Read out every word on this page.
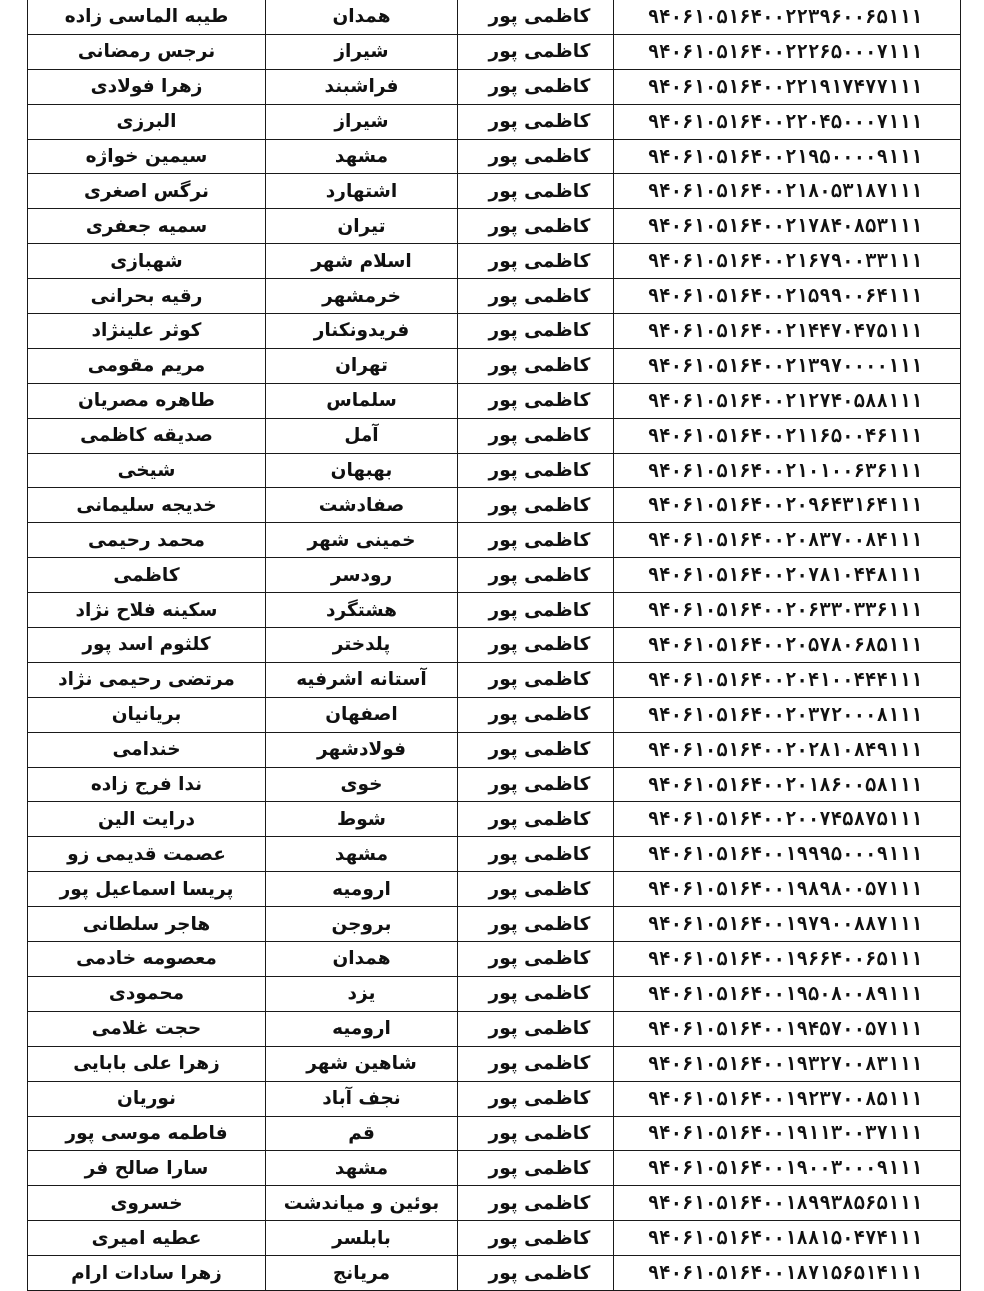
طیبه الماسی زاده	همدان	کاظمی پور	۹۴۰۶۱۰۵۱۶۴۰۰۲۲۳۹۶۰۰۶۵۱۱۱
نرجس رمضانی	شیراز	کاظمی پور	۹۴۰۶۱۰۵۱۶۴۰۰۲۲۲۶۵۰۰۰۷۱۱۱
زهرا فولادی	فراشبند	کاظمی پور	۹۴۰۶۱۰۵۱۶۴۰۰۲۲۱۹۱۷۴۷۷۱۱۱
البرزی	شیراز	کاظمی پور	۹۴۰۶۱۰۵۱۶۴۰۰۲۲۰۴۵۰۰۰۷۱۱۱
سیمین خواژه	مشهد	کاظمی پور	۹۴۰۶۱۰۵۱۶۴۰۰۲۱۹۵۰۰۰۰۹۱۱۱
نرگس اصغری	اشتهارد	کاظمی پور	۹۴۰۶۱۰۵۱۶۴۰۰۲۱۸۰۵۳۱۸۷۱۱۱
سمیه جعفری	تیران	کاظمی پور	۹۴۰۶۱۰۵۱۶۴۰۰۲۱۷۸۴۰۸۵۳۱۱۱
شهبازی	اسلام شهر	کاظمی پور	۹۴۰۶۱۰۵۱۶۴۰۰۲۱۶۷۹۰۰۳۳۱۱۱
رقیه بحرانی	خرمشهر	کاظمی پور	۹۴۰۶۱۰۵۱۶۴۰۰۲۱۵۹۹۰۰۶۴۱۱۱
کوثر علینژاد	فریدونکنار	کاظمی پور	۹۴۰۶۱۰۵۱۶۴۰۰۲۱۴۴۷۰۴۷۵۱۱۱
مریم مقومی	تهران	کاظمی پور	۹۴۰۶۱۰۵۱۶۴۰۰۲۱۳۹۷۰۰۰۰۱۱۱
طاهره مصریان	سلماس	کاظمی پور	۹۴۰۶۱۰۵۱۶۴۰۰۲۱۲۷۴۰۵۸۸۱۱۱
صدیقه کاظمی	آمل	کاظمی پور	۹۴۰۶۱۰۵۱۶۴۰۰۲۱۱۶۵۰۰۴۶۱۱۱
شیخی	بهبهان	کاظمی پور	۹۴۰۶۱۰۵۱۶۴۰۰۲۱۰۱۰۰۶۳۶۱۱۱
خدیجه سلیمانی	صفادشت	کاظمی پور	۹۴۰۶۱۰۵۱۶۴۰۰۲۰۹۶۴۳۱۶۴۱۱۱
محمد رحیمی	خمینی شهر	کاظمی پور	۹۴۰۶۱۰۵۱۶۴۰۰۲۰۸۳۷۰۰۸۴۱۱۱
کاظمی	رودسر	کاظمی پور	۹۴۰۶۱۰۵۱۶۴۰۰۲۰۷۸۱۰۴۴۸۱۱۱
سکینه فلاح نژاد	هشتگرد	کاظمی پور	۹۴۰۶۱۰۵۱۶۴۰۰۲۰۶۳۳۰۳۳۶۱۱۱
کلثوم اسد پور	پلدختر	کاظمی پور	۹۴۰۶۱۰۵۱۶۴۰۰۲۰۵۷۸۰۶۸۵۱۱۱
مرتضی رحیمی نژاد	آستانه اشرفیه	کاظمی پور	۹۴۰۶۱۰۵۱۶۴۰۰۲۰۴۱۰۰۴۴۴۱۱۱
بریانیان	اصفهان	کاظمی پور	۹۴۰۶۱۰۵۱۶۴۰۰۲۰۳۷۲۰۰۰۸۱۱۱
خندامی	فولادشهر	کاظمی پور	۹۴۰۶۱۰۵۱۶۴۰۰۲۰۲۸۱۰۸۴۹۱۱۱
ندا فرج زاده	خوی	کاظمی پور	۹۴۰۶۱۰۵۱۶۴۰۰۲۰۱۸۶۰۰۵۸۱۱۱
درایت الین	شوط	کاظمی پور	۹۴۰۶۱۰۵۱۶۴۰۰۲۰۰۷۴۵۸۷۵۱۱۱
عصمت قدیمی زو	مشهد	کاظمی پور	۹۴۰۶۱۰۵۱۶۴۰۰۱۹۹۹۵۰۰۰۹۱۱۱
پریسا اسماعیل پور	ارومیه	کاظمی پور	۹۴۰۶۱۰۵۱۶۴۰۰۱۹۸۹۸۰۰۵۷۱۱۱
هاجر سلطانی	بروجن	کاظمی پور	۹۴۰۶۱۰۵۱۶۴۰۰۱۹۷۹۰۰۸۸۷۱۱۱
معصومه خادمی	همدان	کاظمی پور	۹۴۰۶۱۰۵۱۶۴۰۰۱۹۶۶۴۰۰۶۵۱۱۱
محمودی	یزد	کاظمی پور	۹۴۰۶۱۰۵۱۶۴۰۰۱۹۵۰۸۰۰۸۹۱۱۱
حجت غلامی	ارومیه	کاظمی پور	۹۴۰۶۱۰۵۱۶۴۰۰۱۹۴۵۷۰۰۵۷۱۱۱
زهرا علی بابایی	شاهین شهر	کاظمی پور	۹۴۰۶۱۰۵۱۶۴۰۰۱۹۳۲۷۰۰۸۳۱۱۱
نوریان	نجف آباد	کاظمی پور	۹۴۰۶۱۰۵۱۶۴۰۰۱۹۲۳۷۰۰۸۵۱۱۱
فاطمه موسی پور	قم	کاظمی پور	۹۴۰۶۱۰۵۱۶۴۰۰۱۹۱۱۳۰۰۳۷۱۱۱
سارا صالح فر	مشهد	کاظمی پور	۹۴۰۶۱۰۵۱۶۴۰۰۱۹۰۰۳۰۰۰۹۱۱۱
خسروی	بوئین و میاندشت	کاظمی پور	۹۴۰۶۱۰۵۱۶۴۰۰۱۸۹۹۳۸۵۶۵۱۱۱
عطیه امیری	بابلسر	کاظمی پور	۹۴۰۶۱۰۵۱۶۴۰۰۱۸۸۱۵۰۴۷۴۱۱۱
زهرا سادات ارام	مریانج	کاظمی پور	۹۴۰۶۱۰۵۱۶۴۰۰۱۸۷۱۵۶۵۱۴۱۱۱
